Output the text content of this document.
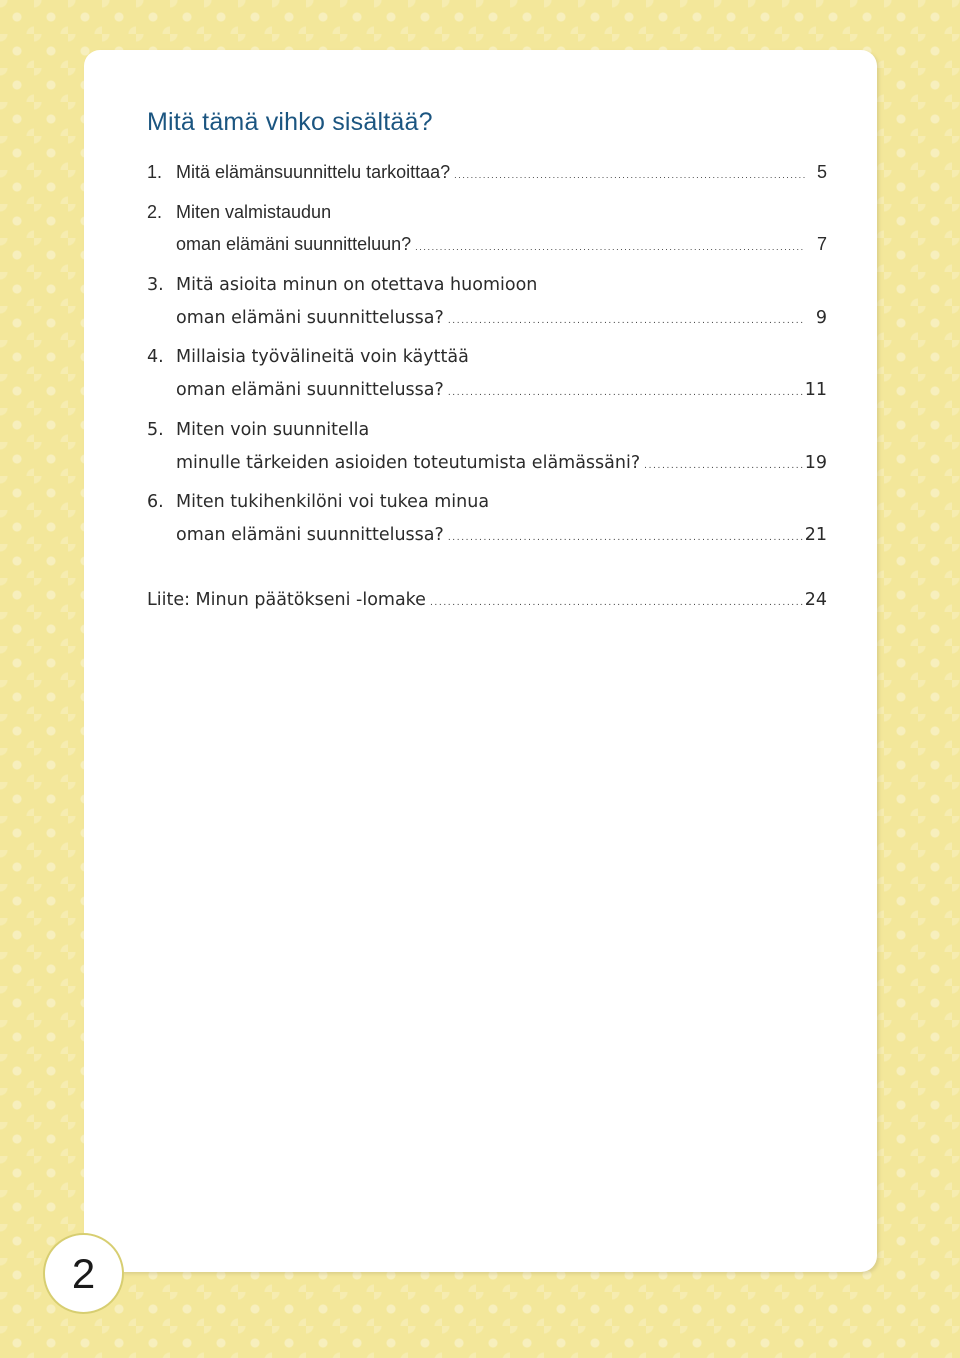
Mitä tämä vihko sisältää?
1. Mitä elämänsuunnittelu tarkoittaa? .....	5
2. Miten valmistaudun
oman elämäni suunnitteluun? .....	7
3. Mitä asioita minun on otettava huomioon
oman elämäni suunnittelussa? .....	9
4. Millaisia työvälineitä voin käyttää
oman elämäni suunnittelussa? .....	11
5. Miten voin suunnitella
minulle tärkeiden asioiden toteutumista elämässäni? .....	19
6. Miten tukihenkilöni voi tukea minua
oman elämäni suunnittelussa? .....	21
Liite: Minun päätökseni -lomake .....	24
2
